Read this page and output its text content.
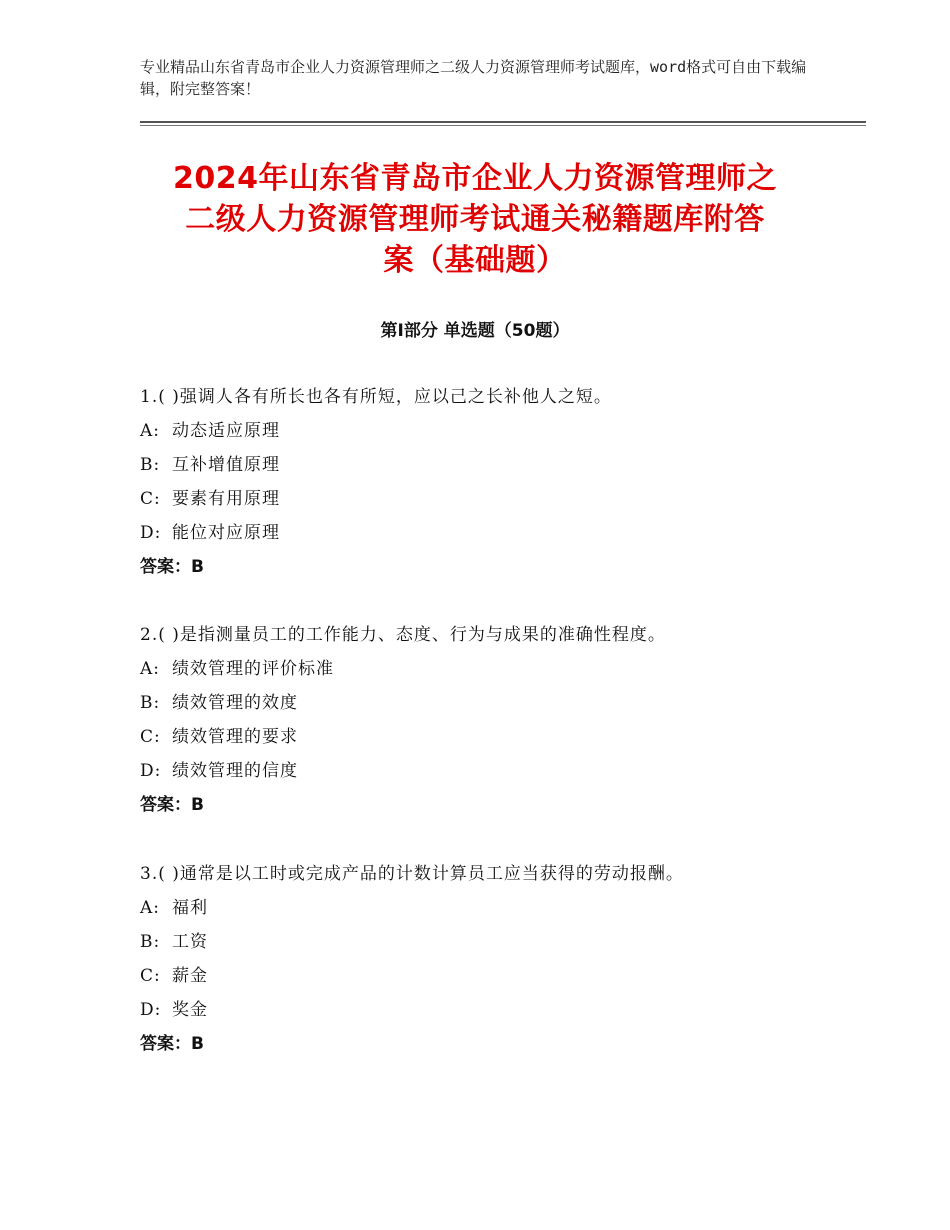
专业精品山东省青岛市企业人力资源管理师之二级人力资源管理师考试题库，word格式可自由下载编辑，附完整答案！
2024年山东省青岛市企业人力资源管理师之
二级人力资源管理师考试通关秘籍题库附答
案（基础题）
第Ⅰ部分 单选题（50题）
1.( )强调人各有所长也各有所短，应以己之长补他人之短。
A: 动态适应原理
B: 互补增值原理
C: 要素有用原理
D: 能位对应原理
答案：B
2.( )是指测量员工的工作能力、态度、行为与成果的准确性程度。
A: 绩效管理的评价标准
B: 绩效管理的效度
C: 绩效管理的要求
D: 绩效管理的信度
答案：B
3.( )通常是以工时或完成产品的计数计算员工应当获得的劳动报酬。
A: 福利
B: 工资
C: 薪金
D: 奖金
答案：B
